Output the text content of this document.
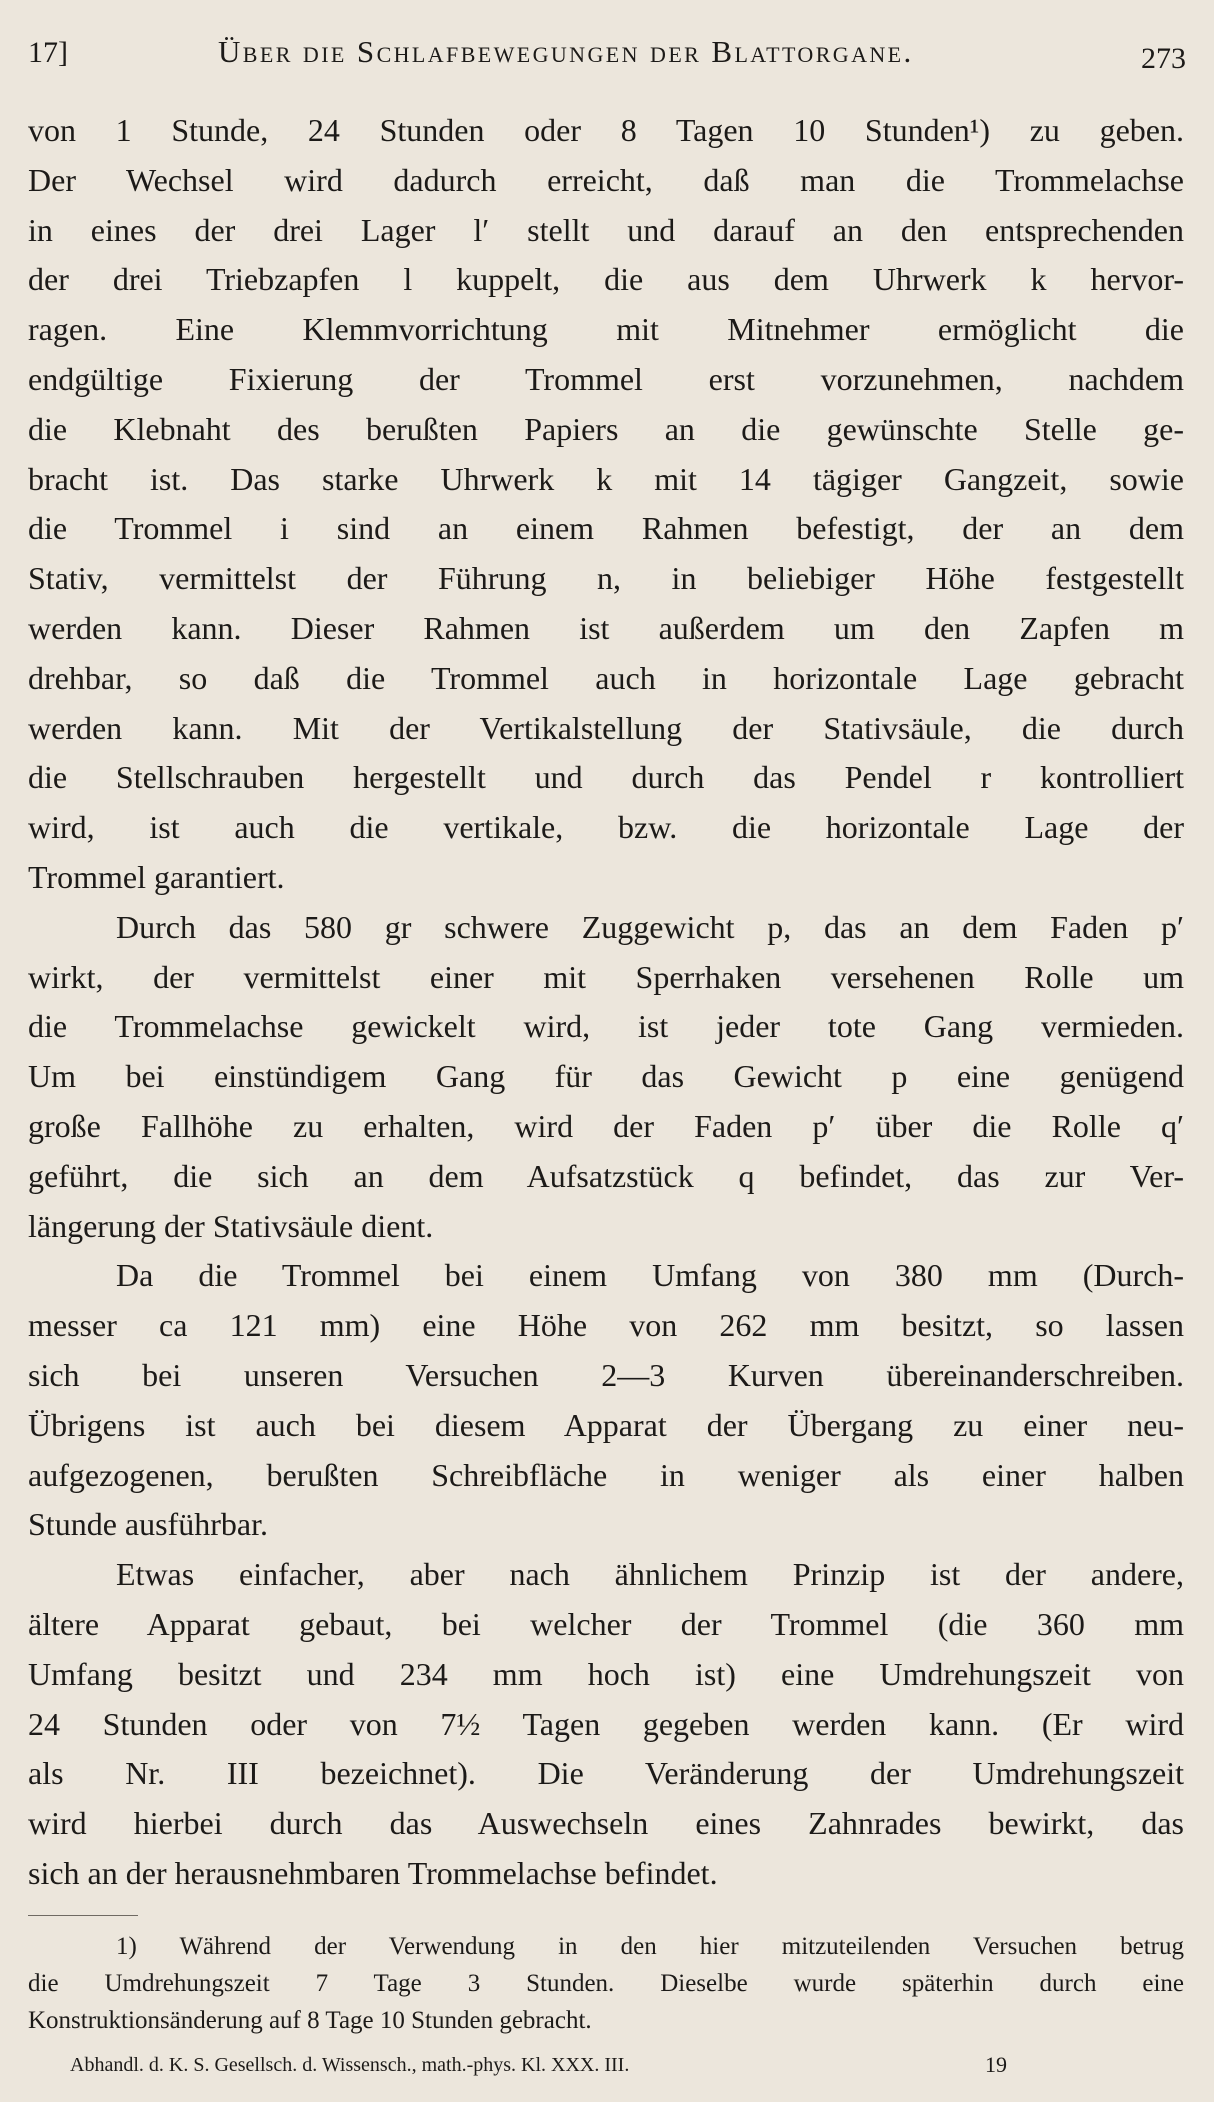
17]	Über die Schlafbewegungen der Blattorgane.	273
von 1 Stunde, 24 Stunden oder 8 Tagen 10 Stunden¹) zu geben.
Der Wechsel wird dadurch erreicht, daß man die Trommelachse
in eines der drei Lager l′ stellt und darauf an den entsprechenden
der drei Triebzapfen l kuppelt, die aus dem Uhrwerk k hervor-
ragen. Eine Klemmvorrichtung mit Mitnehmer ermöglicht die
endgültige Fixierung der Trommel erst vorzunehmen, nachdem
die Klebnaht des berußten Papiers an die gewünschte Stelle ge-
bracht ist. Das starke Uhrwerk k mit 14 tägiger Gangzeit, sowie
die Trommel i sind an einem Rahmen befestigt, der an dem
Stativ, vermittelst der Führung n, in beliebiger Höhe festgestellt
werden kann. Dieser Rahmen ist außerdem um den Zapfen m
drehbar, so daß die Trommel auch in horizontale Lage gebracht
werden kann. Mit der Vertikalstellung der Stativsäule, die durch
die Stellschrauben hergestellt und durch das Pendel r kontrolliert
wird, ist auch die vertikale, bzw. die horizontale Lage der
Trommel garantiert.
Durch das 580 gr schwere Zuggewicht p, das an dem Faden p′
wirkt, der vermittelst einer mit Sperrhaken versehenen Rolle um
die Trommelachse gewickelt wird, ist jeder tote Gang vermieden.
Um bei einstündigem Gang für das Gewicht p eine genügend
große Fallhöhe zu erhalten, wird der Faden p′ über die Rolle q′
geführt, die sich an dem Aufsatzstück q befindet, das zur Ver-
längerung der Stativsäule dient.
Da die Trommel bei einem Umfang von 380 mm (Durch-
messer ca 121 mm) eine Höhe von 262 mm besitzt, so lassen
sich bei unseren Versuchen 2—3 Kurven übereinanderschreiben.
Übrigens ist auch bei diesem Apparat der Übergang zu einer neu-
aufgezogenen, berußten Schreibfläche in weniger als einer halben
Stunde ausführbar.
Etwas einfacher, aber nach ähnlichem Prinzip ist der andere,
ältere Apparat gebaut, bei welcher der Trommel (die 360 mm
Umfang besitzt und 234 mm hoch ist) eine Umdrehungszeit von
24 Stunden oder von 7½ Tagen gegeben werden kann. (Er wird
als Nr. III bezeichnet). Die Veränderung der Umdrehungszeit
wird hierbei durch das Auswechseln eines Zahnrades bewirkt, das
sich an der herausnehmbaren Trommelachse befindet.
1) Während der Verwendung in den hier mitzuteilenden Versuchen betrug
die Umdrehungszeit 7 Tage 3 Stunden. Dieselbe wurde späterhin durch eine
Konstruktionsänderung auf 8 Tage 10 Stunden gebracht.
Abhandl. d. K. S. Gesellsch. d. Wissensch., math.-phys. Kl. XXX. III.	19
